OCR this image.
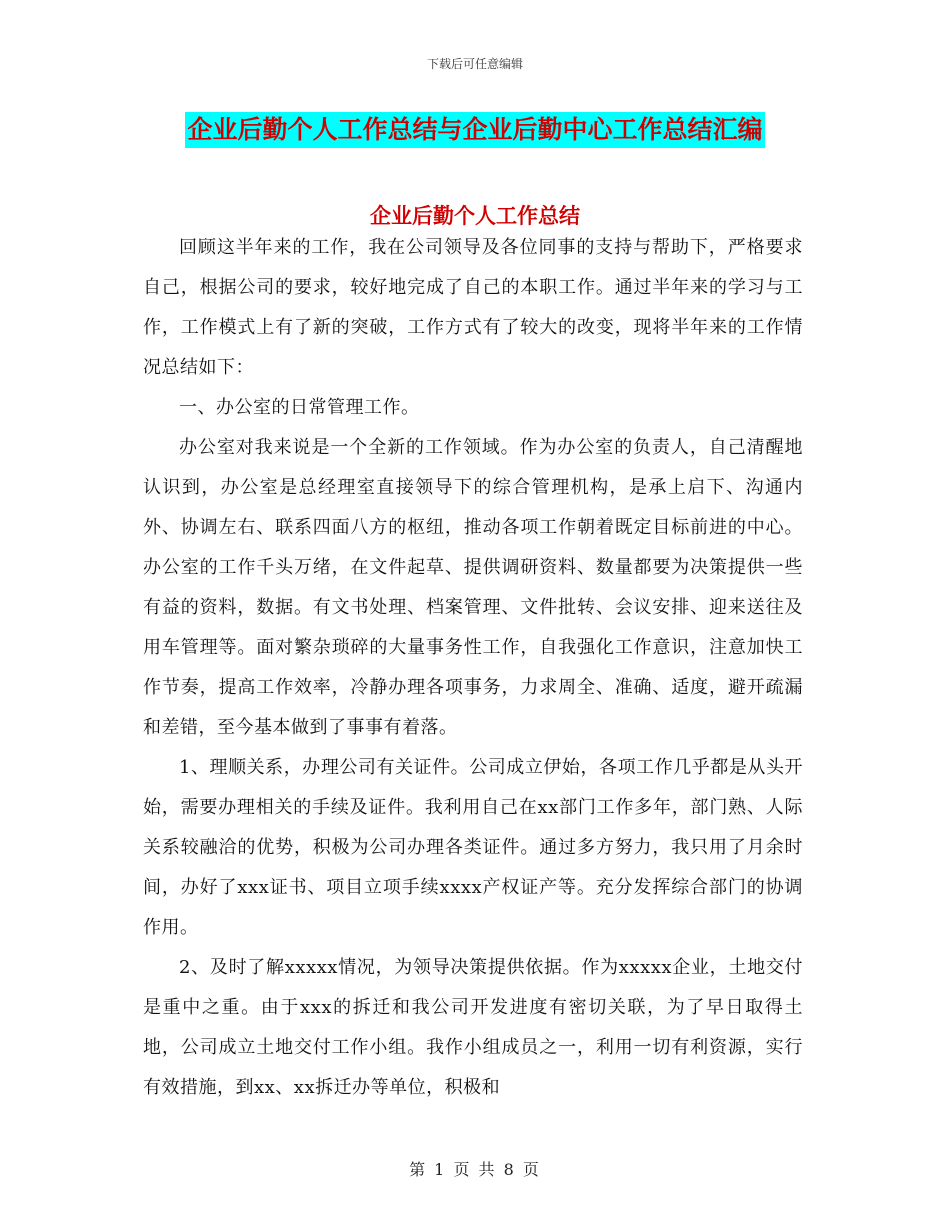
下载后可任意编辑
企业后勤个人工作总结与企业后勤中心工作总结汇编
企业后勤个人工作总结

回顾这半年来的工作，我在公司领导及各位同事的支持与帮助下，严格要求自己，根据公司的要求，较好地完成了自己的本职工作。通过半年来的学习与工作，工作模式上有了新的突破，工作方式有了较大的改变，现将半年来的工作情况总结如下：

一、办公室的日常管理工作。

办公室对我来说是一个全新的工作领域。作为办公室的负责人，自己清醒地认识到，办公室是总经理室直接领导下的综合管理机构，是承上启下、沟通内外、协调左右、联系四面八方的枢纽，推动各项工作朝着既定目标前进的中心。办公室的工作千头万绪，在文件起草、提供调研资料、数量都要为决策提供一些有益的资料，数据。有文书处理、档案管理、文件批转、会议安排、迎来送往及用车管理等。面对繁杂琐碎的大量事务性工作，自我强化工作意识，注意加快工作节奏，提高工作效率，冷静办理各项事务，力求周全、准确、适度，避开疏漏和差错，至今基本做到了事事有着落。

1、理顺关系，办理公司有关证件。公司成立伊始，各项工作几乎都是从头开始，需要办理相关的手续及证件。我利用自己在xx部门工作多年，部门熟、人际关系较融洽的优势，积极为公司办理各类证件。通过多方努力，我只用了月余时间，办好了xxx证书、项目立项手续xxxx产权证产等。充分发挥综合部门的协调作用。

2、及时了解xxxxx情况，为领导决策提供依据。作为xxxxx企业，土地交付是重中之重。由于xxx的拆迁和我公司开发进度有密切关联，为了早日取得土地，公司成立土地交付工作小组。我作小组成员之一，利用一切有利资源，实行有效措施，到xx、xx拆迁办等单位，积极和

第 1 页 共 8 页
